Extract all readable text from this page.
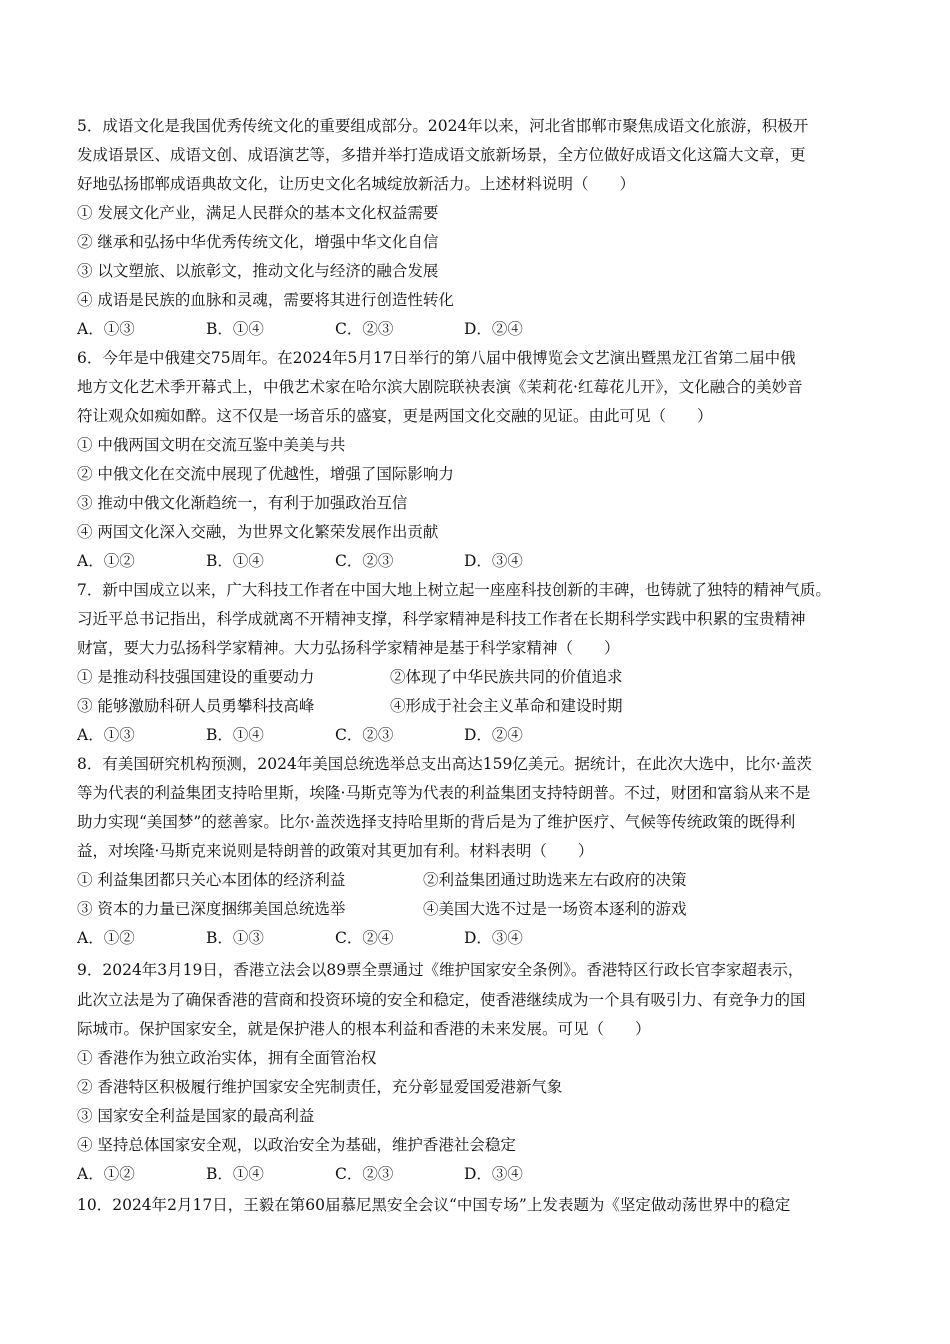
5．成语文化是我国优秀传统文化的重要组成部分。2024年以来，河北省邯郸市聚焦成语文化旅游，积极开
发成语景区、成语文创、成语演艺等，多措并举打造成语文旅新场景，全方位做好成语文化这篇大文章，更
好地弘扬邯郸成语典故文化，让历史文化名城绽放新活力。上述材料说明（　　）
① 发展文化产业，满足人民群众的基本文化权益需要
② 继承和弘扬中华优秀传统文化，增强中华文化自信
③ 以文塑旅、以旅彰文，推动文化与经济的融合发展
④ 成语是民族的血脉和灵魂，需要将其进行创造性转化
A．①③	B．①④	C．②③	D．②④
6．今年是中俄建交75周年。在2024年5月17日举行的第八届中俄博览会文艺演出暨黑龙江省第二届中俄
地方文化艺术季开幕式上，中俄艺术家在哈尔滨大剧院联袂表演《茉莉花·红莓花儿开》，文化融合的美妙音
符让观众如痴如醉。这不仅是一场音乐的盛宴，更是两国文化交融的见证。由此可见（　　）
① 中俄两国文明在交流互鉴中美美与共
② 中俄文化在交流中展现了优越性，增强了国际影响力
③ 推动中俄文化渐趋统一，有利于加强政治互信
④ 两国文化深入交融，为世界文化繁荣发展作出贡献
A．①②	B．①④	C．②③	D．③④
7．新中国成立以来，广大科技工作者在中国大地上树立起一座座科技创新的丰碑，也铸就了独特的精神气质。
习近平总书记指出，科学成就离不开精神支撑，科学家精神是科技工作者在长期科学实践中积累的宝贵精神
财富，要大力弘扬科学家精神。大力弘扬科学家精神是基于科学家精神（　　）
① 是推动科技强国建设的重要动力	②体现了中华民族共同的价值追求
③ 能够激励科研人员勇攀科技高峰	④形成于社会主义革命和建设时期
A．①③	B．①④	C．②③	D．②④
8．有美国研究机构预测，2024年美国总统选举总支出高达159亿美元。据统计，在此次大选中，比尔·盖茨
等为代表的利益集团支持哈里斯，埃隆·马斯克等为代表的利益集团支持特朗普。不过，财团和富翁从来不是
助力实现“美国梦”的慈善家。比尔·盖茨选择支持哈里斯的背后是为了维护医疗、气候等传统政策的既得利
益，对埃隆·马斯克来说则是特朗普的政策对其更加有利。材料表明（　　）
① 利益集团都只关心本团体的经济利益	②利益集团通过助选来左右政府的决策
③ 资本的力量已深度捆绑美国总统选举	④美国大选不过是一场资本逐利的游戏
A．①②	B．①③	C．②④	D．③④
9．2024年3月19日，香港立法会以89票全票通过《维护国家安全条例》。香港特区行政长官李家超表示，
此次立法是为了确保香港的营商和投资环境的安全和稳定，使香港继续成为一个具有吸引力、有竞争力的国
际城市。保护国家安全，就是保护港人的根本利益和香港的未来发展。可见（　　）
① 香港作为独立政治实体，拥有全面管治权
② 香港特区积极履行维护国家安全宪制责任，充分彰显爱国爱港新气象
③ 国家安全利益是国家的最高利益
④ 坚持总体国家安全观，以政治安全为基础，维护香港社会稳定
A．①②	B．①④	C．②③	D．③④
10．2024年2月17日，王毅在第60届慕尼黑安全会议“中国专场”上发表题为《坚定做动荡世界中的稳定
